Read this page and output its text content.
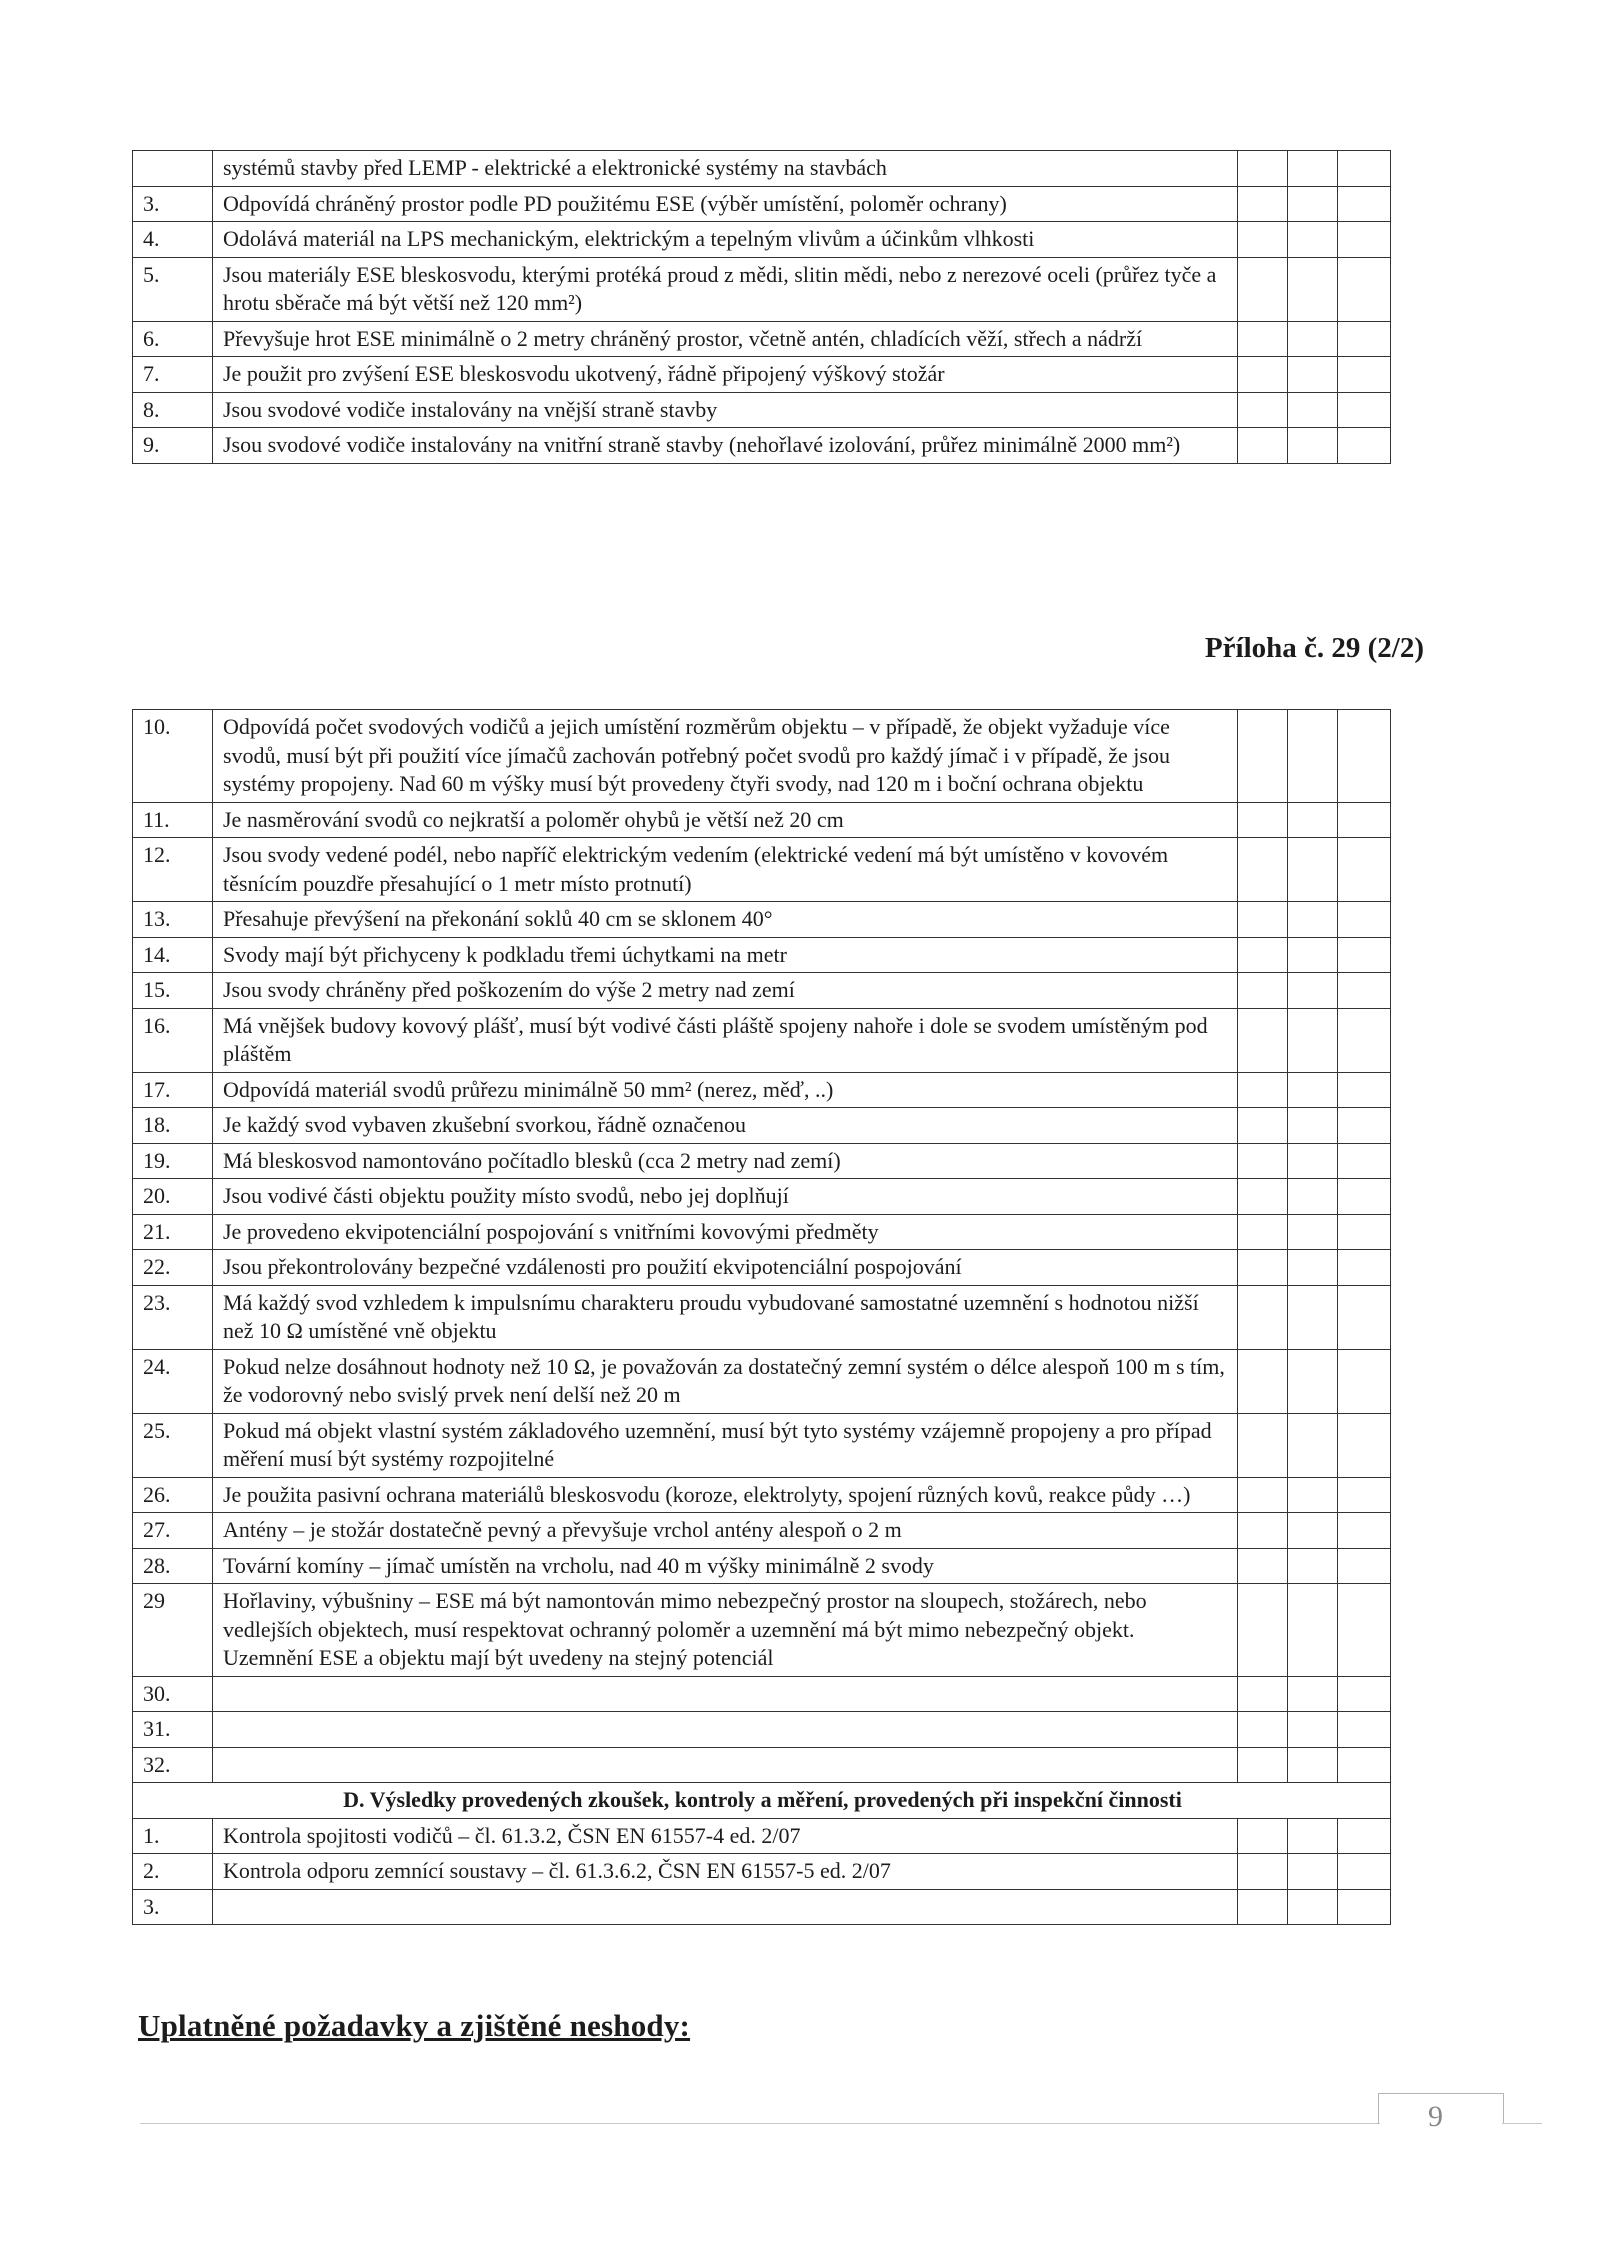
	systémů stavby před LEMP - elektrické a elektronické systémy na stavbách			
3.	Odpovídá chráněný prostor podle PD použitému ESE (výběr umístění, poloměr ochrany)			
4.	Odolává materiál na LPS mechanickým, elektrickým a tepelným vlivům a účinkům vlhkosti			
5.	Jsou materiály ESE bleskosvodu, kterými protéká proud z mědi, slitin mědi, nebo z nerezové oceli (průřez tyče a hrotu sběrače má být větší než 120 mm²)			
6.	Převyšuje hrot ESE minimálně o 2 metry chráněný prostor, včetně antén, chladících věží, střech a nádrží			
7.	Je použit pro zvýšení ESE bleskosvodu ukotvený, řádně připojený výškový stožár			
8.	Jsou svodové vodiče instalovány na vnější straně stavby			
9.	Jsou svodové vodiče instalovány na vnitřní straně stavby (nehořlavé izolování, průřez minimálně 2000 mm²)			
Příloha č. 29 (2/2)
10.	Odpovídá počet svodových vodičů a jejich umístění rozměrům objektu – v případě, že objekt vyžaduje více svodů, musí být při použití více jímačů zachován potřebný počet svodů pro každý jímač i v případě, že jsou systémy propojeny. Nad 60 m výšky musí být provedeny čtyři svody, nad 120 m i boční ochrana objektu			
11.	Je nasměrování svodů co nejkratší a poloměr ohybů je větší než 20 cm			
12.	Jsou svody vedené podél, nebo napříč elektrickým vedením (elektrické vedení má být umístěno v kovovém těsnícím pouzdře přesahující o 1 metr místo protnutí)			
13.	Přesahuje převýšení na překonání soklů 40 cm se sklonem 40°			
14.	Svody mají být přichyceny k podkladu třemi úchytkami na metr			
15.	Jsou svody chráněny před poškozením do výše 2 metry nad zemí			
16.	Má vnějšek budovy kovový plášť, musí být vodivé části pláště spojeny nahoře i dole se svodem umístěným pod pláštěm			
17.	Odpovídá materiál svodů průřezu minimálně 50 mm² (nerez, měď, ..)			
18.	Je každý svod vybaven zkušební svorkou, řádně označenou			
19.	Má bleskosvod namontováno počítadlo blesků (cca 2 metry nad zemí)			
20.	Jsou vodivé části objektu použity místo svodů, nebo jej doplňují			
21.	Je provedeno ekvipotenciální pospojování s vnitřními kovovými předměty			
22.	Jsou překontrolovány bezpečné vzdálenosti pro použití ekvipotenciální pospojování			
23.	Má každý svod vzhledem k impulsnímu charakteru proudu vybudované samostatné uzemnění s hodnotou nižší než 10 Ω umístěné vně objektu			
24.	Pokud nelze dosáhnout hodnoty než 10 Ω, je považován za dostatečný zemní systém o délce alespoň 100 m s tím, že vodorovný nebo svislý prvek není delší než 20 m			
25.	Pokud má objekt vlastní systém základového uzemnění, musí být tyto systémy vzájemně propojeny a pro případ měření musí být systémy rozpojitelné			
26.	Je použita pasivní ochrana materiálů bleskosvodu (koroze, elektrolyty, spojení různých kovů, reakce půdy …)			
27.	Antény – je stožár dostatečně pevný a převyšuje vrchol antény alespoň o 2 m			
28.	Tovární komíny – jímač umístěn na vrcholu, nad 40 m výšky minimálně 2 svody			
29	Hořlaviny, výbušniny – ESE má být namontován mimo nebezpečný prostor na sloupech, stožárech, nebo vedlejších objektech, musí respektovat ochranný poloměr a uzemnění má být mimo nebezpečný objekt. Uzemnění ESE a objektu mají být uvedeny na stejný potenciál			
30.				
31.				
32.				
D. Výsledky provedených zkoušek, kontroly a měření, provedených při inspekční činnosti				
1.	Kontrola spojitosti vodičů – čl. 61.3.2, ČSN EN 61557-4 ed. 2/07			
2.	Kontrola odporu zemnící soustavy – čl. 61.3.6.2, ČSN EN 61557-5 ed. 2/07			
3.				
Uplatněné požadavky a zjištěné neshody:
9
